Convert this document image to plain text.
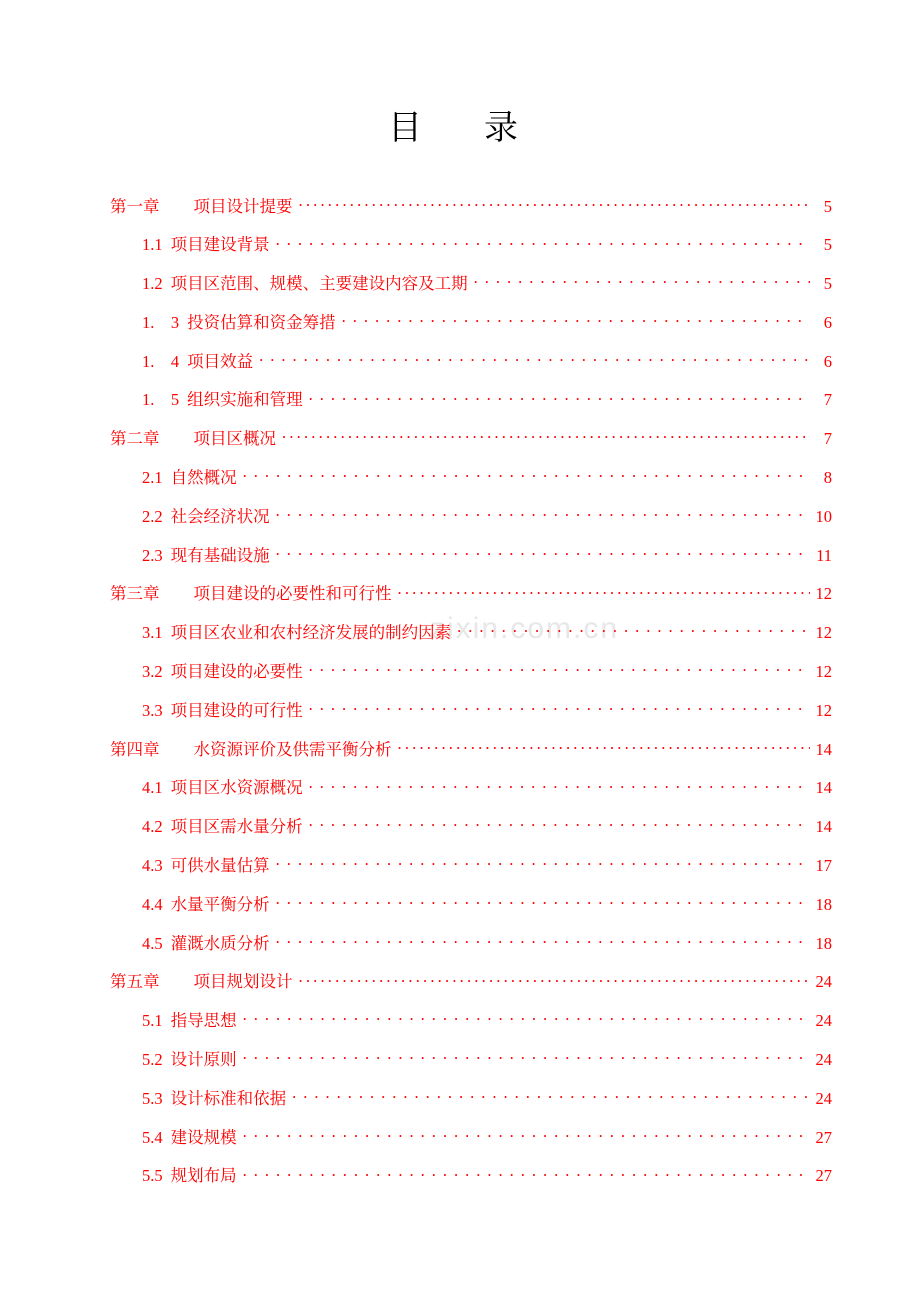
zixin.com.cn
目　录
第一章 项目设计提要 .....	5
1.1 项目建设背景 .....	5
1.2 项目区范围、规模、主要建设内容及工期 .....	5
1.　3 投资估算和资金筹措 .....	6
1.　4 项目效益 .....	6
1.　5 组织实施和管理 .....	7
第二章 项目区概况 .....	7
2.1 自然概况 .....	8
2.2 社会经济状况 .....	10
2.3 现有基础设施 .....	11
第三章 项目建设的必要性和可行性 .....	12
3.1 项目区农业和农村经济发展的制约因素 .....	12
3.2 项目建设的必要性 .....	12
3.3 项目建设的可行性 .....	12
第四章 水资源评价及供需平衡分析 .....	14
4.1 项目区水资源概况 .....	14
4.2 项目区需水量分析 .....	14
4.3 可供水量估算 .....	17
4.4 水量平衡分析 .....	18
4.5 灌溉水质分析 .....	18
第五章 项目规划设计 .....	24
5.1 指导思想 .....	24
5.2 设计原则 .....	24
5.3 设计标准和依据 .....	24
5.4 建设规模 .....	27
5.5 规划布局 .....	27
